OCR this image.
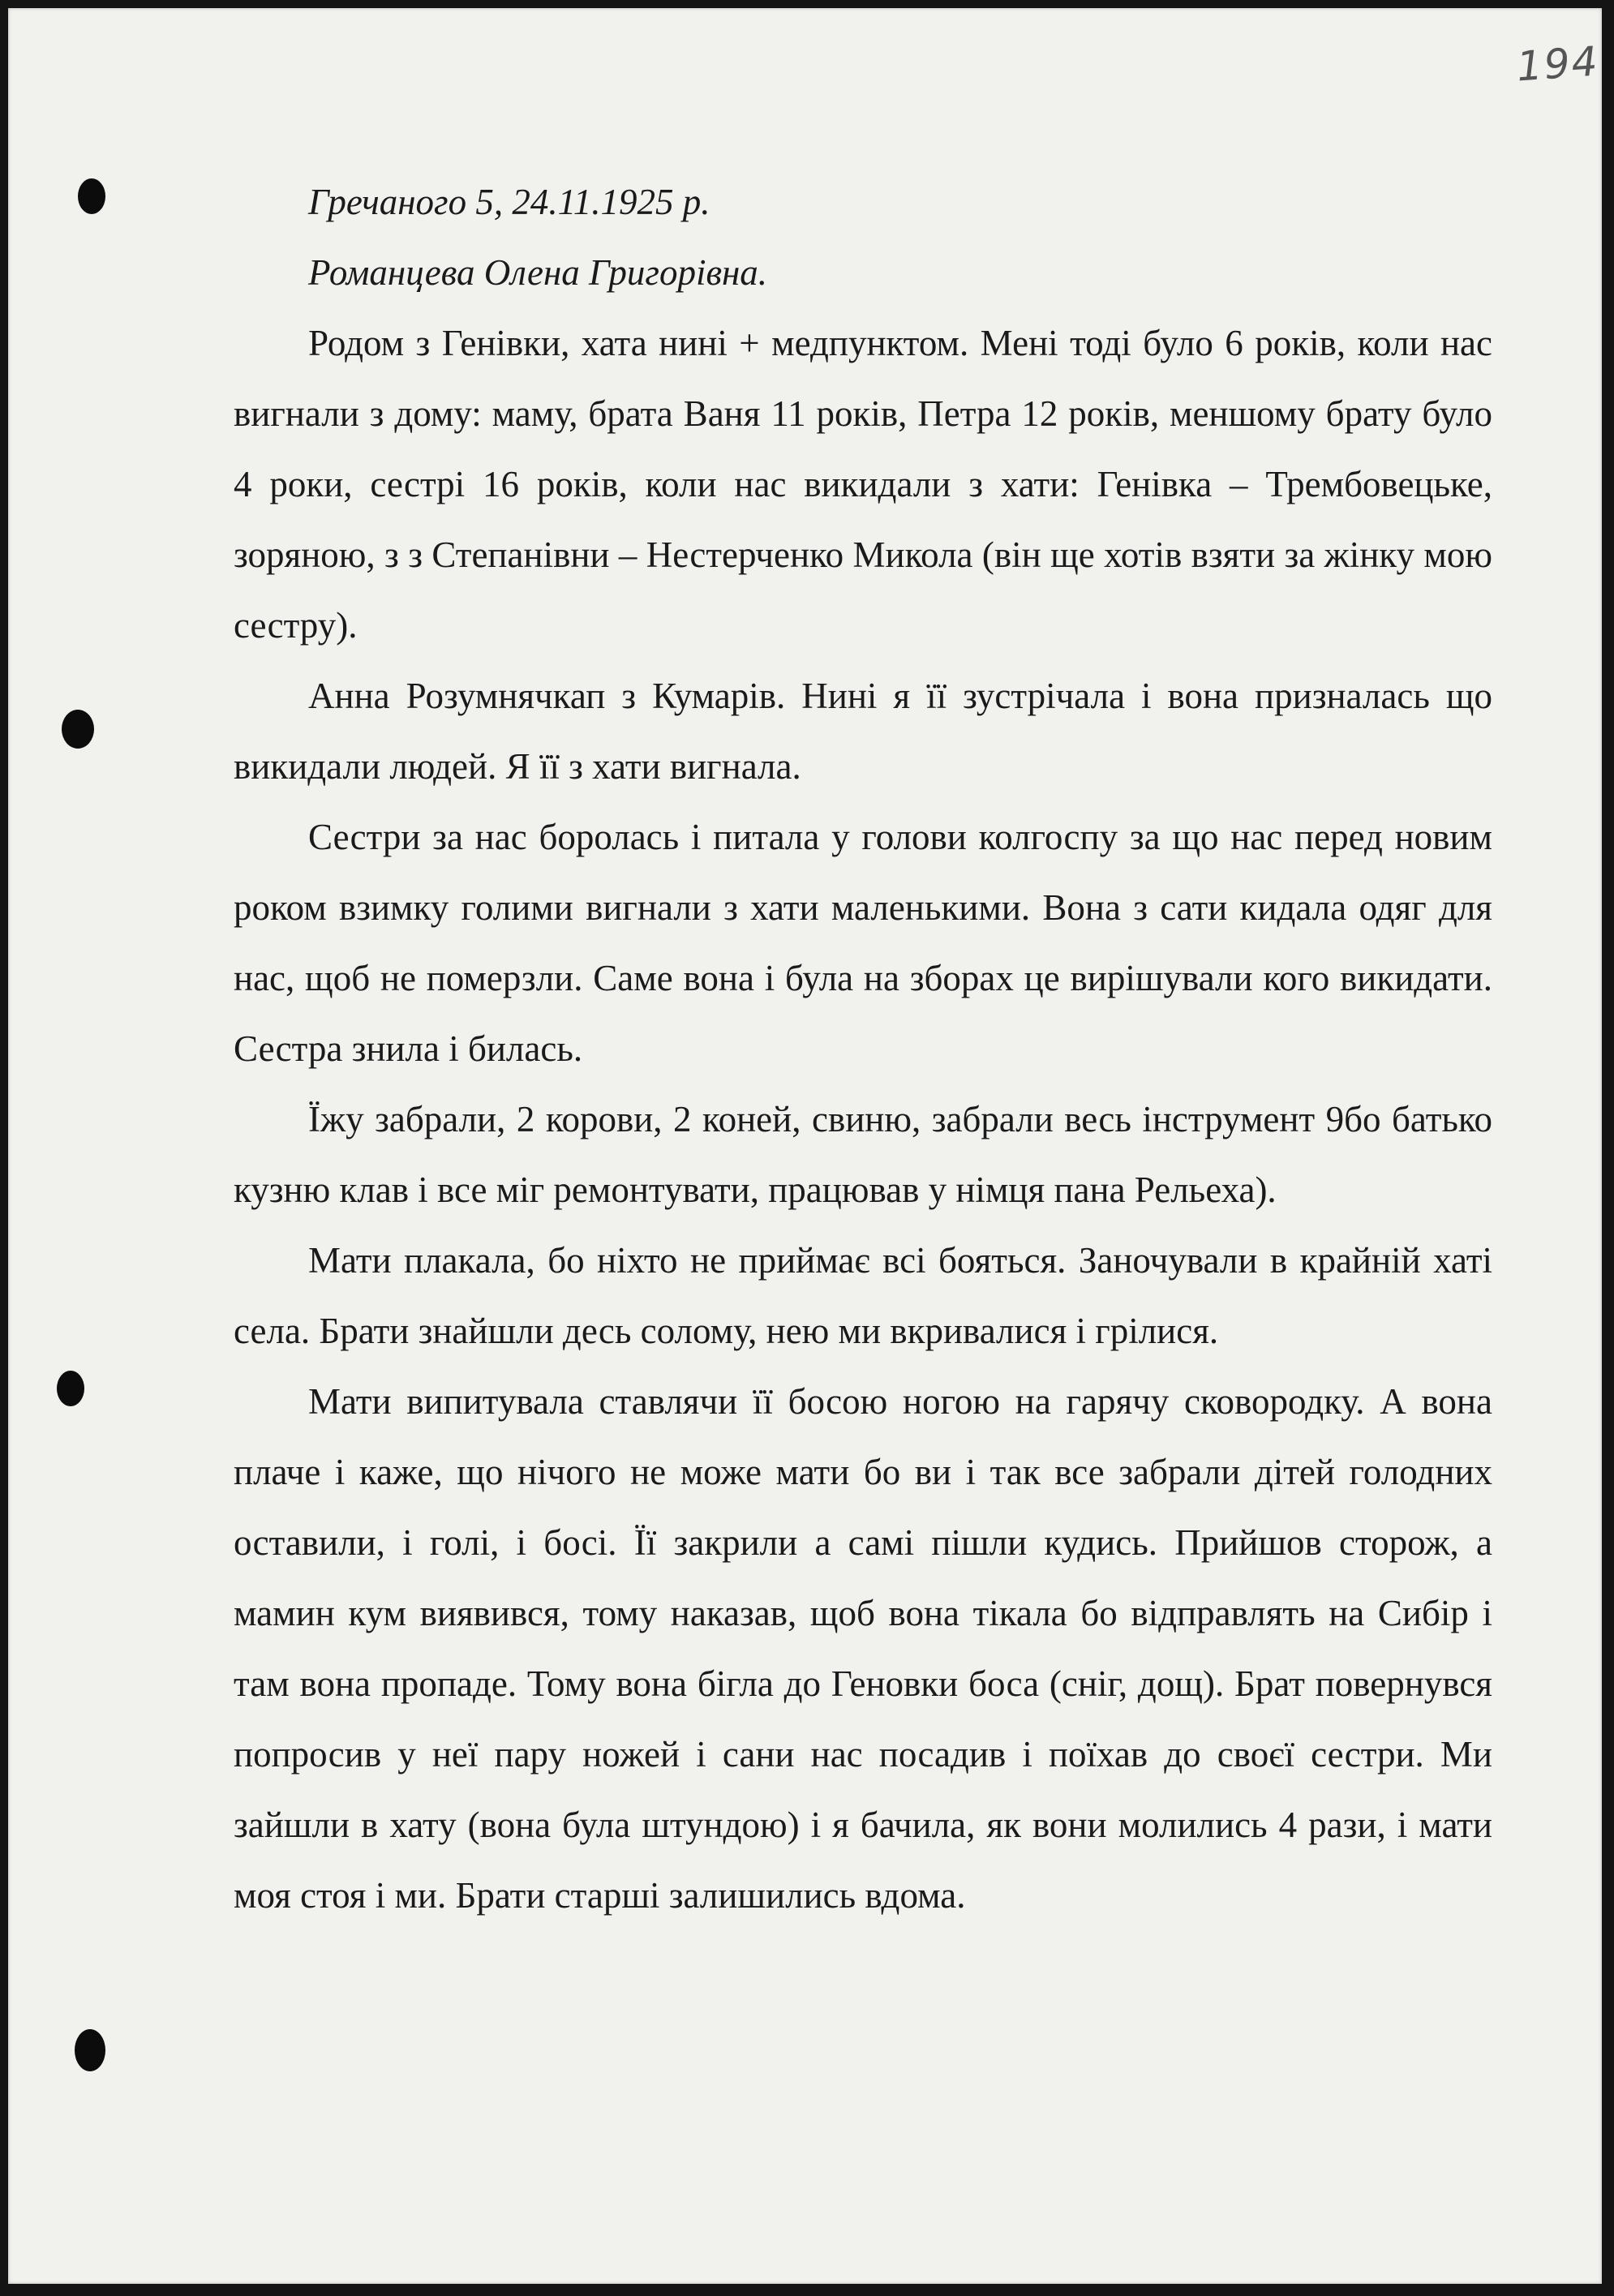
194

Гречаного 5, 24.11.1925 р.

Романцева Олена Григорівна.

Родом з Генівки, хата нині + медпунктом. Мені тоді було 6 років, коли нас вигнали з дому: маму, брата Ваня 11 років, Петра 12 років, меншому брату було 4 роки, сестрі 16 років, коли нас викидали з хати: Генівка – Трембовецьке, зоряною, з з Степанівни – Нестерченко Микола (він ще хотів взяти за жінку мою сестру).

Анна Розумнячкап з Кумарів. Нині я її зустрічала і вона призналась що викидали людей. Я її з хати вигнала.

Сестри за нас боролась і питала у голови колгоспу за що нас перед новим роком взимку голими вигнали з хати маленькими. Вона з сати кидала одяг для нас, щоб не померзли. Саме вона і була на зборах це вирішували кого викидати. Сестра знила і билась.

Їжу забрали, 2 корови, 2 коней, свиню, забрали весь інструмент 9бо батько кузню клав і все міг ремонтувати, працював у німця пана Рельеха).

Мати плакала, бо ніхто не приймає всі бояться. Заночували в крайній хаті села. Брати знайшли десь солому, нею ми вкривалися і грілися.

Мати випитувала ставлячи її босою ногою на гарячу сковородку. А вона плаче і каже, що нічого не може мати бо ви і так все забрали дітей голодних оставили, і голі, і босі. Її закрили а самі пішли кудись. Прийшов сторож, а мамин кум виявився, тому наказав, щоб вона тікала бо відправлять на Сибір і там вона пропаде. Тому вона бігла до Геновки боса (сніг, дощ). Брат повернувся попросив у неї пару ножей і сани нас посадив і поїхав до своєї сестри. Ми зайшли в хату (вона була штундою) і я бачила, як вони молились 4 рази, і мати моя стоя і ми. Брати старші залишились вдома.
